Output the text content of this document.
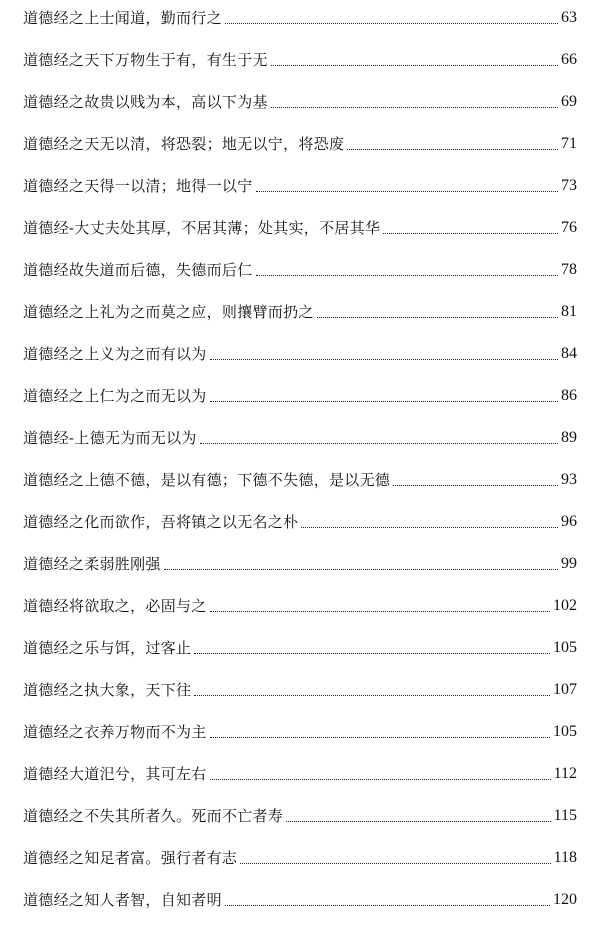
道德经之上士闻道，勤而行之	63
道德经之天下万物生于有，有生于无	66
道德经之故贵以贱为本，高以下为基	69
道德经之天无以清，将恐裂；地无以宁，将恐废	71
道德经之天得一以清；地得一以宁	73
道德经-大丈夫处其厚，不居其薄；处其实，不居其华	76
道德经故失道而后德，失德而后仁	78
道德经之上礼为之而莫之应，则攘臂而扔之	81
道德经之上义为之而有以为	84
道德经之上仁为之而无以为	86
道德经-上德无为而无以为	89
道德经之上德不德，是以有德；下德不失德，是以无德	93
道德经之化而欲作，吾将镇之以无名之朴	96
道德经之柔弱胜刚强	99
道德经将欲取之，必固与之	102
道德经之乐与饵，过客止	105
道德经之执大象，天下往	107
道德经之衣养万物而不为主	105
道德经大道汜兮，其可左右	112
道德经之不失其所者久。死而不亡者寿	115
道德经之知足者富。强行者有志	118
道德经之知人者智，自知者明	120
